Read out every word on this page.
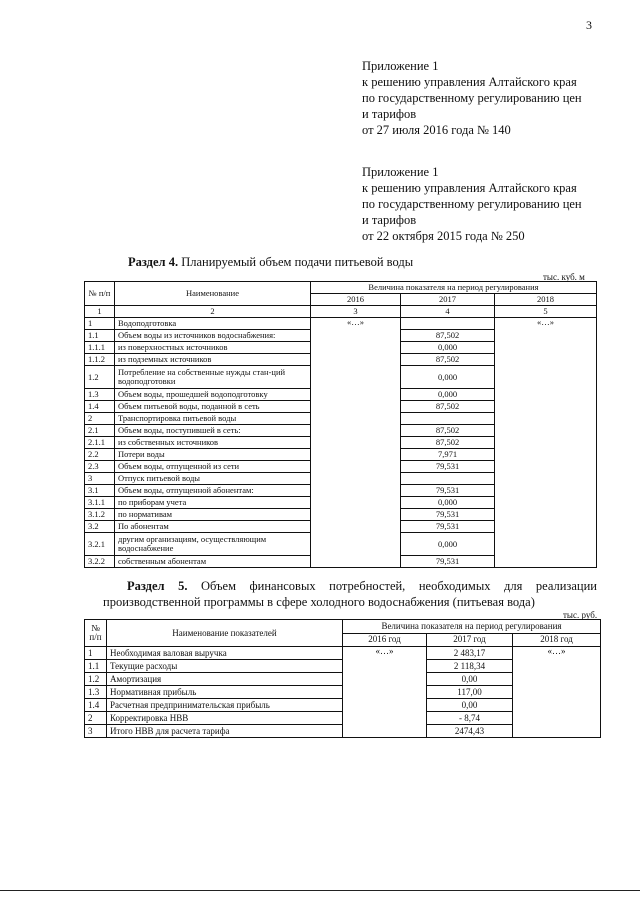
3
Приложение 1
к решению управления Алтайского края
по государственному регулированию цен
и тарифов
от 27 июля 2016 года № 140
Приложение 1
к решению управления Алтайского края
по государственному регулированию цен
и тарифов
от 22 октября 2015 года № 250
Раздел 4. Планируемый объем подачи питьевой воды
тыс. куб. м
№ п/п	Наименование	Величина показателя на период регулирования		
		2016	2017	2018
1	2	3	4	5
1	Водоподготовка	«…»		«…»
1.1	Объем воды из источников водоснабжения:		87,502	
1.1.1	из поверхностных источников		0,000	
1.1.2	из подземных источников		87,502	
1.2	Потребление на собственные нужды стан-ций водоподготовки		0,000	
1.3	Объем воды, прошедшей водоподготовку		0,000	
1.4	Объем питьевой воды, поданной в сеть		87,502	
2	Транспортировка питьевой воды			
2.1	Объем воды, поступившей в сеть:		87,502	
2.1.1	из собственных источников		87,502	
2.2	Потери воды		7,971	
2.3	Объем воды, отпущенной из сети		79,531	
3	Отпуск питьевой воды			
3.1	Объем воды, отпущенной абонентам:		79,531	
3.1.1	по приборам учета		0,000	
3.1.2	по нормативам		79,531	
3.2	По абонентам		79,531	
3.2.1	другим организациям, осуществляющим водоснабжение		0,000	
3.2.2	собственным абонентам		79,531	
Раздел 5. Объем финансовых потребностей, необходимых для реализации производственной программы в сфере холодного водоснабжения (питьевая вода)
тыс. руб.
№ п/п	Наименование показателей	Величина показателя на период регулирования		
		2016 год	2017 год	2018 год
1	Необходимая валовая выручка	«…»	2 483,17	«…»
1.1	Текущие расходы		2 118,34	
1.2	Амортизация		0,00	
1.3	Нормативная прибыль		117,00	
1.4	Расчетная предпринимательская прибыль		0,00	
2	Корректировка НВВ		- 8,74	
3	Итого НВВ для расчета тарифа		2474,43	
